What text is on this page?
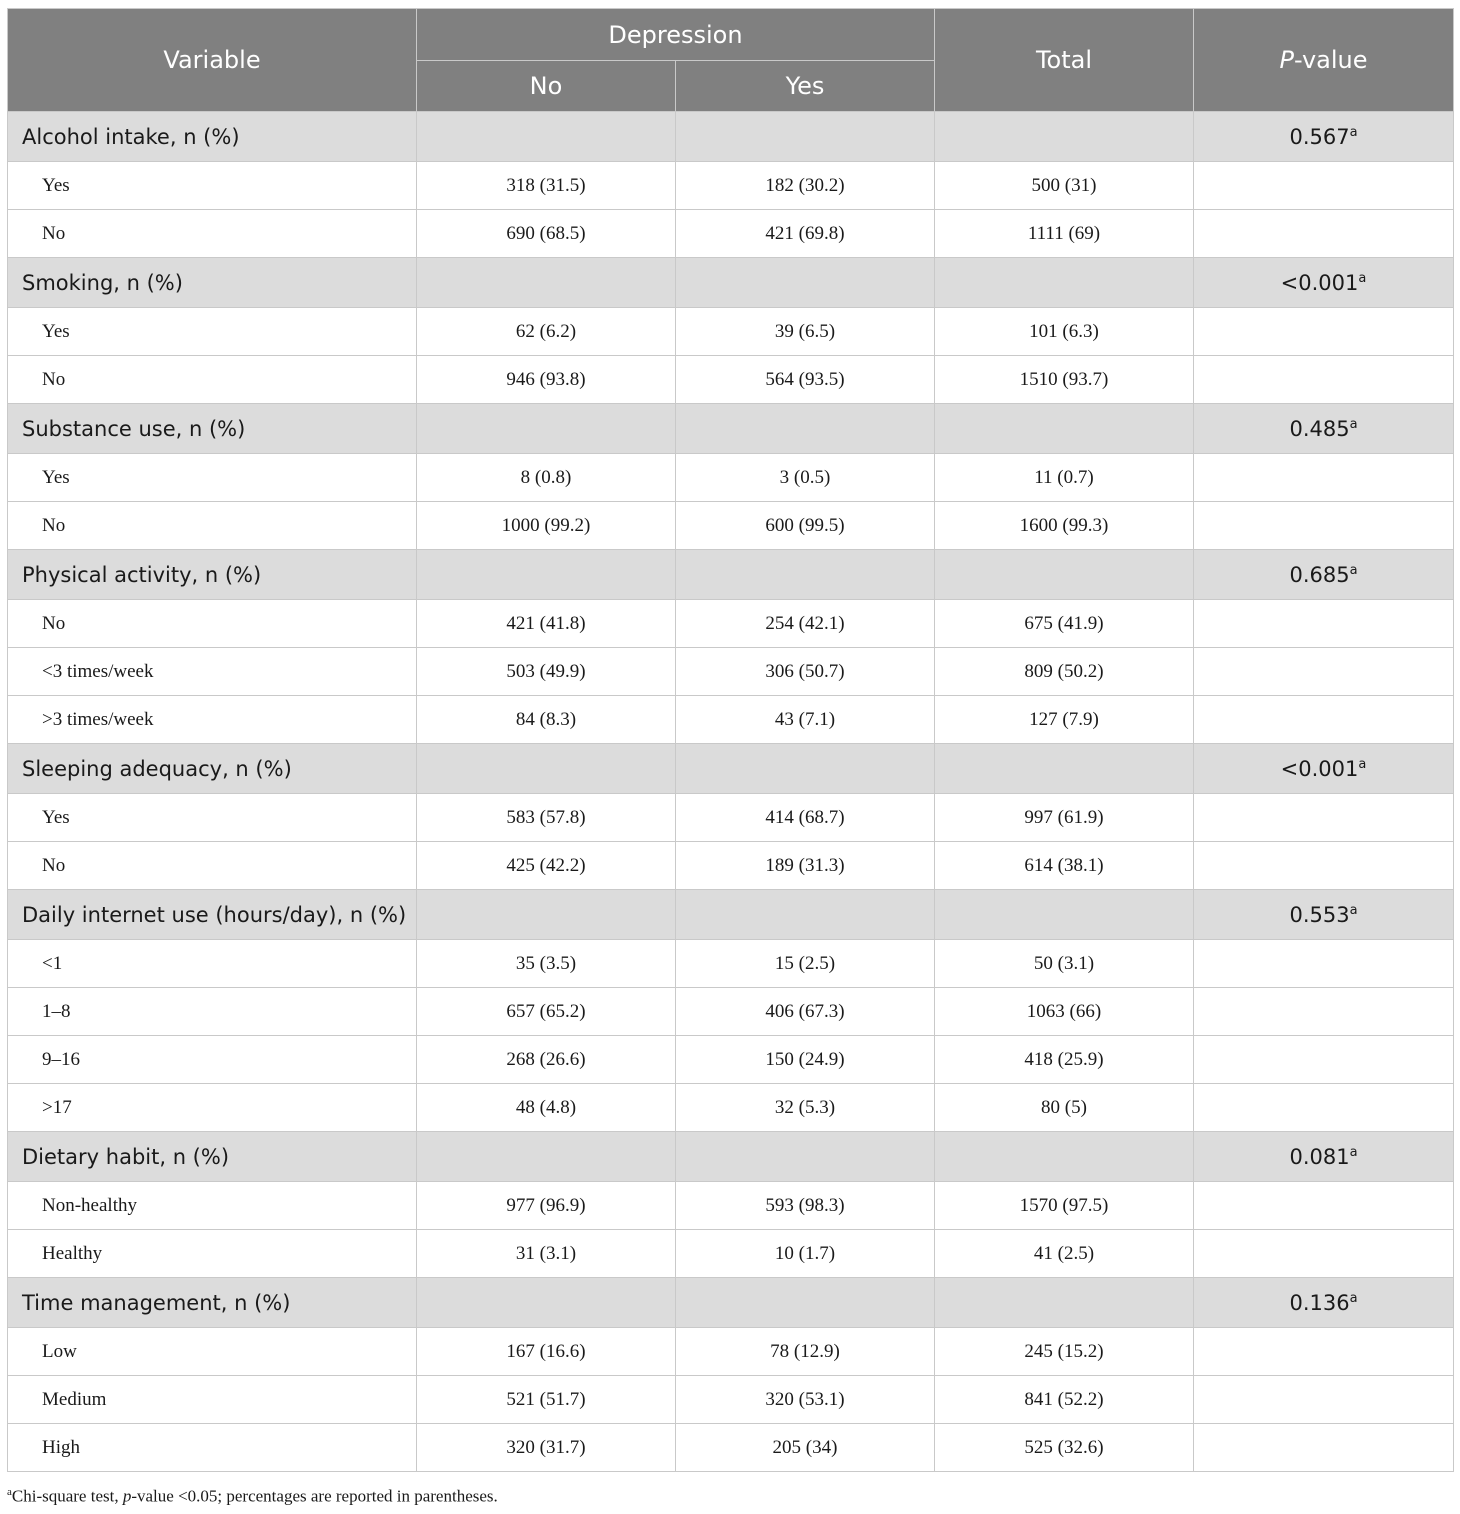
Variable	Depression		Total	P-value
	No	Yes		
Alcohol intake, n (%)				0.567$^a$
Yes	318 (31.5)	182 (30.2)	500 (31)	
No	690 (68.5)	421 (69.8)	1111 (69)	
Smoking, n (%)				<0.001$^a$
Yes	62 (6.2)	39 (6.5)	101 (6.3)	
No	946 (93.8)	564 (93.5)	1510 (93.7)	
Substance use, n (%)				0.485$^a$
Yes	8 (0.8)	3 (0.5)	11 (0.7)	
No	1000 (99.2)	600 (99.5)	1600 (99.3)	
Physical activity, n (%)				0.685$^a$
No	421 (41.8)	254 (42.1)	675 (41.9)	
<3 times/week	503 (49.9)	306 (50.7)	809 (50.2)	
>3 times/week	84 (8.3)	43 (7.1)	127 (7.9)	
Sleeping adequacy, n (%)				<0.001$^a$
Yes	583 (57.8)	414 (68.7)	997 (61.9)	
No	425 (42.2)	189 (31.3)	614 (38.1)	
Daily internet use (hours/day), n (%)				0.553$^a$
<1	35 (3.5)	15 (2.5)	50 (3.1)	
1–8	657 (65.2)	406 (67.3)	1063 (66)	
9–16	268 (26.6)	150 (24.9)	418 (25.9)	
>17	48 (4.8)	32 (5.3)	80 (5)	
Dietary habit, n (%)				0.081$^a$
Non-healthy	977 (96.9)	593 (98.3)	1570 (97.5)	
Healthy	31 (3.1)	10 (1.7)	41 (2.5)	
Time management, n (%)				0.136$^a$
Low	167 (16.6)	78 (12.9)	245 (15.2)	
Medium	521 (51.7)	320 (53.1)	841 (52.2)	
High	320 (31.7)	205 (34)	525 (32.6)	
$^a$Chi-square test, p-value <0.05; percentages are reported in parentheses.
